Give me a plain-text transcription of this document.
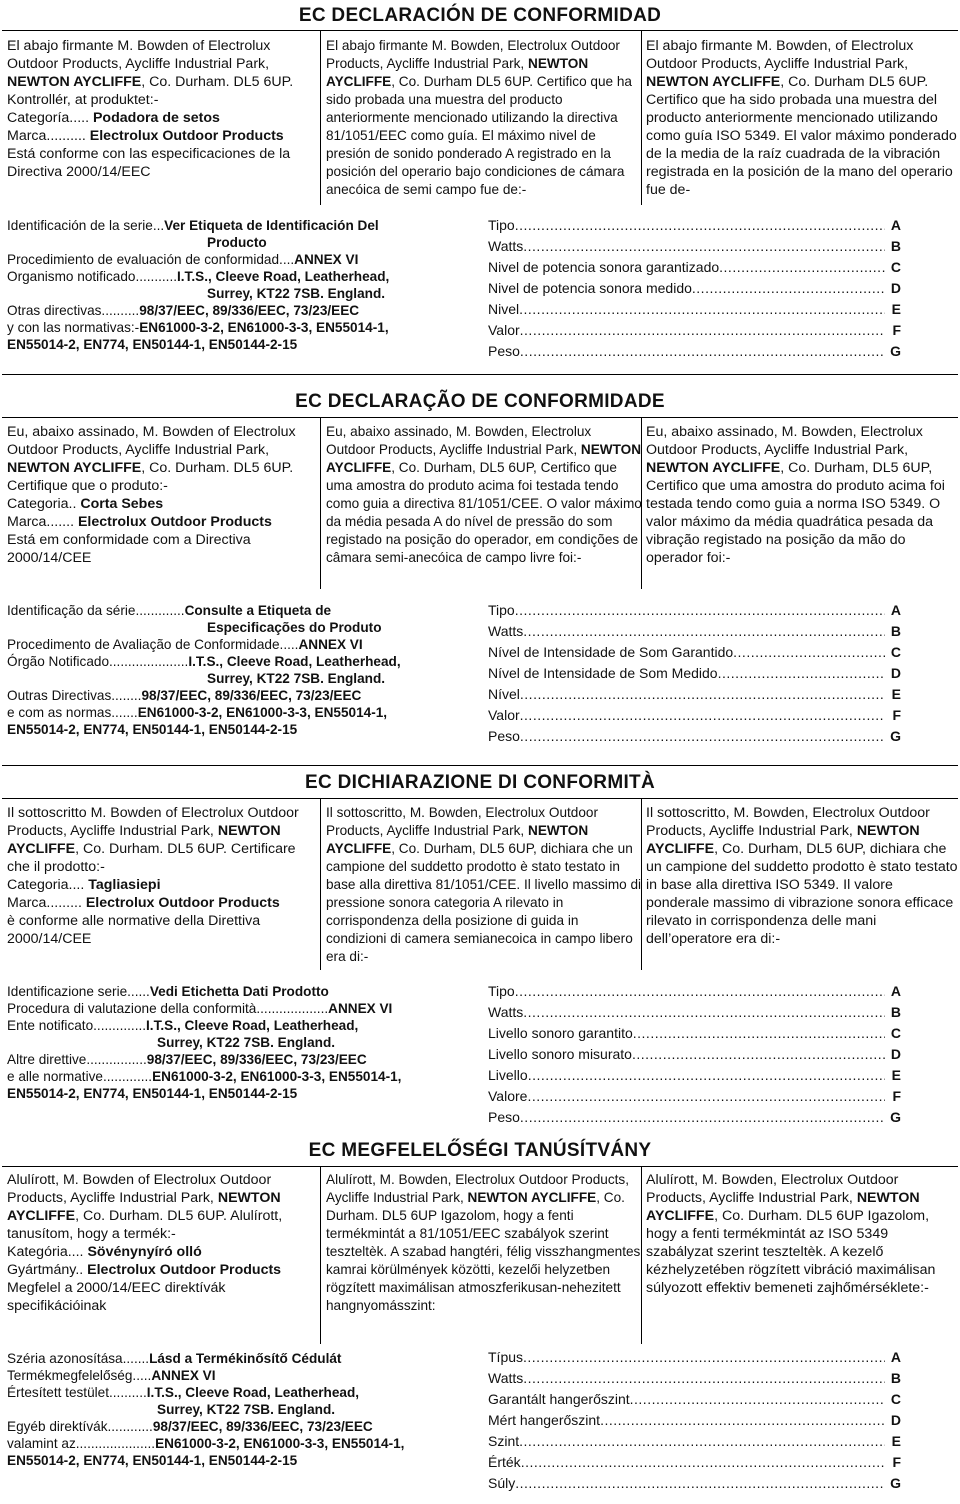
EC DECLARACIÓN DE CONFORMIDAD

El abajo firmante M. Bowden of Electrolux Outdoor Products, Aycliffe Industrial Park, NEWTON AYCLIFFE, Co. Durham. DL5 6UP. Kontrollér, at produktet:-

Categoría..... Podadora de setos

Marca.......... Electrolux Outdoor Products

Está conforme con las especificaciones de la Directiva 2000/14/EEC

El abajo firmante M. Bowden, Electrolux Outdoor Products, Aycliffe Industrial Park, NEWTON AYCLIFFE, Co. Durham DL5 6UP. Certifico que ha sido probada una muestra del producto anteriormente mencionado utilizando la directiva 81/1051/EEC como guía. El máximo nivel de presión de sonido ponderado A registrado en la posición del operario bajo condiciones de cámara anecóica de semi campo fue de:-

El abajo firmante M. Bowden, of Electrolux Outdoor Products, Aycliffe Industrial Park, NEWTON AYCLIFFE, Co. Durham DL5 6UP. Certifico que ha sido probada una muestra del producto anteriormente mencionado utilizando como guía ISO 5349. El valor máximo ponderado de la media de la raíz cuadrada de la vibración registrada en la posición de la mano del operario fue de-

Identificación de la serie...Ver Etiqueta de Identificación Del

Producto

Procedimiento de evaluación de conformidad....ANNEX VI

Organismo notificado...........I.T.S., Cleeve Road, Leatherhead,

Surrey, KT22 7SB. England.

Otras directivas..........98/37/EEC, 89/336/EEC, 73/23/EEC

y con las normativas:-EN61000-3-2, EN61000-3-3, EN55014-1,

EN55014-2, EN774, EN50144-1, EN50144-2-15

Tipo .....	A
Watts .....	B
Nivel de potencia sonora garantizado .....	C
Nivel de potencia sonora medido .....	D
Nivel .....	E
Valor .....	F
Peso .....	G
EC DECLARAÇÃO DE CONFORMIDADE

Eu, abaixo assinado, M. Bowden of Electrolux Outdoor Products, Aycliffe Industrial Park, NEWTON AYCLIFFE, Co. Durham. DL5 6UP. Certifique que o produto:-

Categoria.. Corta Sebes

Marca....... Electrolux Outdoor Products

Está em conformidade com a Directiva 2000/14/CEE

Eu, abaixo assinado, M. Bowden, Electrolux Outdoor Products, Aycliffe Industrial Park, NEWTON AYCLIFFE, Co. Durham, DL5 6UP, Certifico que uma amostra do produto acima foi testada tendo como guia a directiva 81/1051/CEE. O valor máximo da média pesada A do nível de pressão do som registado na posição do operador, em condições de câmara semi-anecóica de campo livre foi:-

Eu, abaixo assinado, M. Bowden, Electrolux Outdoor Products, Aycliffe Industrial Park, NEWTON AYCLIFFE, Co. Durham, DL5 6UP, Certifico que uma amostra do produto acima foi testada tendo como guia a norma ISO 5349. O valor máximo da média quadrática pesada da vibração registado na posição da mão do operador foi:-

Identificação da série.............Consulte a Etiqueta de

Especificações do Produto

Procedimento de Avaliação de Conformidade.....ANNEX VI

Órgão Notificado.....................I.T.S., Cleeve Road, Leatherhead,

Surrey, KT22 7SB. England.

Outras Directivas........98/37/EEC, 89/336/EEC, 73/23/EEC

e com as normas.......EN61000-3-2, EN61000-3-3, EN55014-1,

EN55014-2, EN774, EN50144-1, EN50144-2-15

Tipo .....	A
Watts .....	B
Nível de Intensidade de Som Garantido .....	C
Nível de Intensidade de Som Medido .....	D
Nível .....	E
Valor .....	F
Peso .....	G
EC DICHIARAZIONE DI CONFORMITÀ

Il sottoscritto M. Bowden of Electrolux Outdoor Products, Aycliffe Industrial Park, NEWTON AYCLIFFE, Co. Durham. DL5 6UP. Certificare che il prodotto:-

Categoria.... Tagliasiepi

Marca......... Electrolux Outdoor Products

è conforme alle normative della Direttiva 2000/14/CEE

Il sottoscritto, M. Bowden, Electrolux Outdoor Products, Aycliffe Industrial Park, NEWTON AYCLIFFE, Co. Durham, DL5 6UP, dichiara che un campione del suddetto prodotto è stato testato in base alla direttiva 81/1051/CEE. Il livello massimo di pressione sonora categoria A rilevato in corrispondenza della posizione di guida in condizioni di camera semianecoica in campo libero era di:-

Il sottoscritto, M. Bowden, Electrolux Outdoor Products, Aycliffe Industrial Park, NEWTON AYCLIFFE, Co. Durham, DL5 6UP, dichiara che un campione del suddetto prodotto è stato testato in base alla direttiva ISO 5349. Il valore ponderale massimo di vibrazione sonora efficace rilevato in corrispondenza delle mani dell’operatore era di:-

Identificazione serie......Vedi Etichetta Dati Prodotto

Procedura di valutazione della conformità...................ANNEX VI

Ente notificato..............I.T.S., Cleeve Road, Leatherhead,

Surrey, KT22 7SB. England.

Altre direttive................98/37/EEC, 89/336/EEC, 73/23/EEC

e alle normative.............EN61000-3-2, EN61000-3-3, EN55014-1,

EN55014-2, EN774, EN50144-1, EN50144-2-15

Tipo .....	A
Watts .....	B
Livello sonoro garantito .....	C
Livello sonoro misurato .....	D
Livello .....	E
Valore .....	F
Peso .....	G
EC MEGFELELŐSÉGI TANÚSÍTVÁNY

Alulírott, M. Bowden of Electrolux Outdoor Products, Aycliffe Industrial Park, NEWTON AYCLIFFE, Co. Durham. DL5 6UP. Alulírott, tanusítom, hogy a termék:-

Kategória.... Sövényny​író olló

Gyártmány.. Electrolux Outdoor Products

Megfelel a 2000/14/EEC direktívák specifikációinak

Alulírott, M. Bowden, Electrolux Outdoor Products, Aycliffe Industrial Park, NEWTON AYCLIFFE, Co. Durham. DL5 6UP Igazolom, hogy a fenti termékmintát a 81/1051/EEC szabályok szerint teszteltèk. A szabad hangtéri, félig visszhangmentes kamrai körülmények közötti, kezelői helyzetben rögzített maximálisan atmoszferikusan-nehezitett hangnyomásszint:

Alulírott, M. Bowden, Electrolux Outdoor Products, Aycliffe Industrial Park, NEWTON AYCLIFFE, Co. Durham. DL5 6UP Igazolom, hogy a fenti termékmintát az ISO 5349 szabályzat szerint teszteltèk. A kezelő kézhelyzetében rögzített vibráció maximálisan súlyozott effektiv bemeneti zajhőmérséklete:-

Széria azonosítása.......Lásd a Termékinősítő Cédulát

Termékmegfelelőség.....ANNEX VI

Értesített testület..........I.T.S., Cleeve Road, Leatherhead,

Surrey, KT22 7SB. England.

Egyéb direktívák............98/37/EEC, 89/336/EEC, 73/23/EEC

valamint az.....................EN61000-3-2, EN61000-3-3, EN55014-1,

EN55014-2, EN774, EN50144-1, EN50144-2-15

Típus .....	A
Watts .....	B
Garantált hangerőszint .....	C
Mért hangerőszint .....	D
Szint .....	E
Érték .....	F
Súly .....	G
